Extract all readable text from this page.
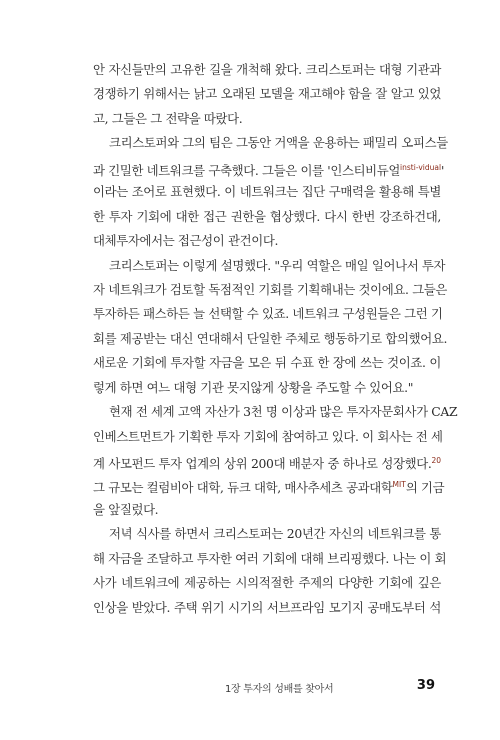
안 자신들만의 고유한 길을 개척해 왔다. 크리스토퍼는 대형 기관과
경쟁하기 위해서는 낡고 오래된 모델을 재고해야 함을 잘 알고 있었
고, 그들은 그 전략을 따랐다.
크리스토퍼와 그의 팀은 그동안 거액을 운용하는 패밀리 오피스들
과 긴밀한 네트워크를 구축했다. 그들은 이를 '인스티비듀얼$^{insti-vidual}$'
이라는 조어로 표현했다. 이 네트워크는 집단 구매력을 활용해 특별
한 투자 기회에 대한 접근 권한을 협상했다. 다시 한번 강조하건대,
대체투자에서는 접근성이 관건이다.
크리스토퍼는 이렇게 설명했다. "우리 역할은 매일 일어나서 투자
자 네트워크가 검토할 독점적인 기회를 기획해내는 것이에요. 그들은
투자하든 패스하든 늘 선택할 수 있죠. 네트워크 구성원들은 그런 기
회를 제공받는 대신 연대해서 단일한 주체로 행동하기로 합의했어요.
새로운 기회에 투자할 자금을 모은 뒤 수표 한 장에 쓰는 것이죠. 이
렇게 하면 여느 대형 기관 못지않게 상황을 주도할 수 있어요."
현재 전 세계 고액 자산가 3천 명 이상과 많은 투자자문회사가 CAZ
인베스트먼트가 기획한 투자 기회에 참여하고 있다. 이 회사는 전 세
계 사모펀드 투자 업계의 상위 200대 배분자 중 하나로 성장했다.$^{20}$
그 규모는 컬럼비아 대학, 듀크 대학, 매사추세츠 공과대학$^{MIT}$의 기금
을 앞질렀다.
저녁 식사를 하면서 크리스토퍼는 20년간 자신의 네트워크를 통
해 자금을 조달하고 투자한 여러 기회에 대해 브리핑했다. 나는 이 회
사가 네트워크에 제공하는 시의적절한 주제의 다양한 기회에 깊은
인상을 받았다. 주택 위기 시기의 서브프라임 모기지 공매도부터 석
1장 투자의 성배를 찾아서	39
